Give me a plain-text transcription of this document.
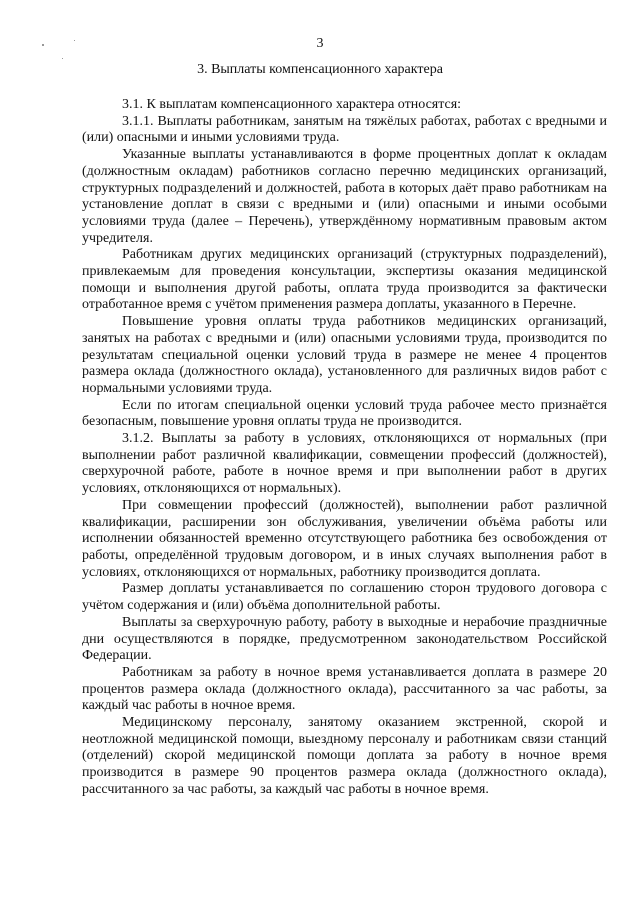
3
3. Выплаты компенсационного характера

3.1. К выплатам компенсационного характера относятся:

3.1.1. Выплаты работникам, занятым на тяжёлых работах, работах с вредными и (или) опасными и иными условиями труда.

Указанные выплаты устанавливаются в форме процентных доплат к окладам (должностным окладам) работников согласно перечню медицинских организаций, структурных подразделений и должностей, работа в которых даёт право работникам на установление доплат в связи с вредными и (или) опасными и иными особыми условиями труда (далее – Перечень), утверждённому нормативным правовым актом учредителя.

Работникам других медицинских организаций (структурных подразделений), привлекаемым для проведения консультации, экспертизы оказания медицинской помощи и выполнения другой работы, оплата труда производится за фактически отработанное время с учётом применения размера доплаты, указанного в Перечне.

Повышение уровня оплаты труда работников медицинских организаций, занятых на работах с вредными и (или) опасными условиями труда, производится по результатам специальной оценки условий труда в размере не менее 4 процентов размера оклада (должностного оклада), установленного для различных видов работ с нормальными условиями труда.

Если по итогам специальной оценки условий труда рабочее место признаётся безопасным, повышение уровня оплаты труда не производится.

3.1.2. Выплаты за работу в условиях, отклоняющихся от нормальных (при выполнении работ различной квалификации, совмещении профессий (должностей), сверхурочной работе, работе в ночное время и при выполнении работ в других условиях, отклоняющихся от нормальных).

При совмещении профессий (должностей), выполнении работ различной квалификации, расширении зон обслуживания, увеличении объёма работы или исполнении обязанностей временно отсутствующего работника без освобождения от работы, определённой трудовым договором, и в иных случаях выполнения работ в условиях, отклоняющихся от нормальных, работнику производится доплата.

Размер доплаты устанавливается по соглашению сторон трудового договора с учётом содержания и (или) объёма дополнительной работы.

Выплаты за сверхурочную работу, работу в выходные и нерабочие праздничные дни осуществляются в порядке, предусмотренном законодательством Российской Федерации.

Работникам за работу в ночное время устанавливается доплата в размере 20 процентов размера оклада (должностного оклада), рассчитанного за час работы, за каждый час работы в ночное время.

Медицинскому персоналу, занятому оказанием экстренной, скорой и неотложной медицинской помощи, выездному персоналу и работникам связи станций (отделений) скорой медицинской помощи доплата за работу в ночное время производится в размере 90 процентов размера оклада (должностного оклада), рассчитанного за час работы, за каждый час работы в ночное время.
